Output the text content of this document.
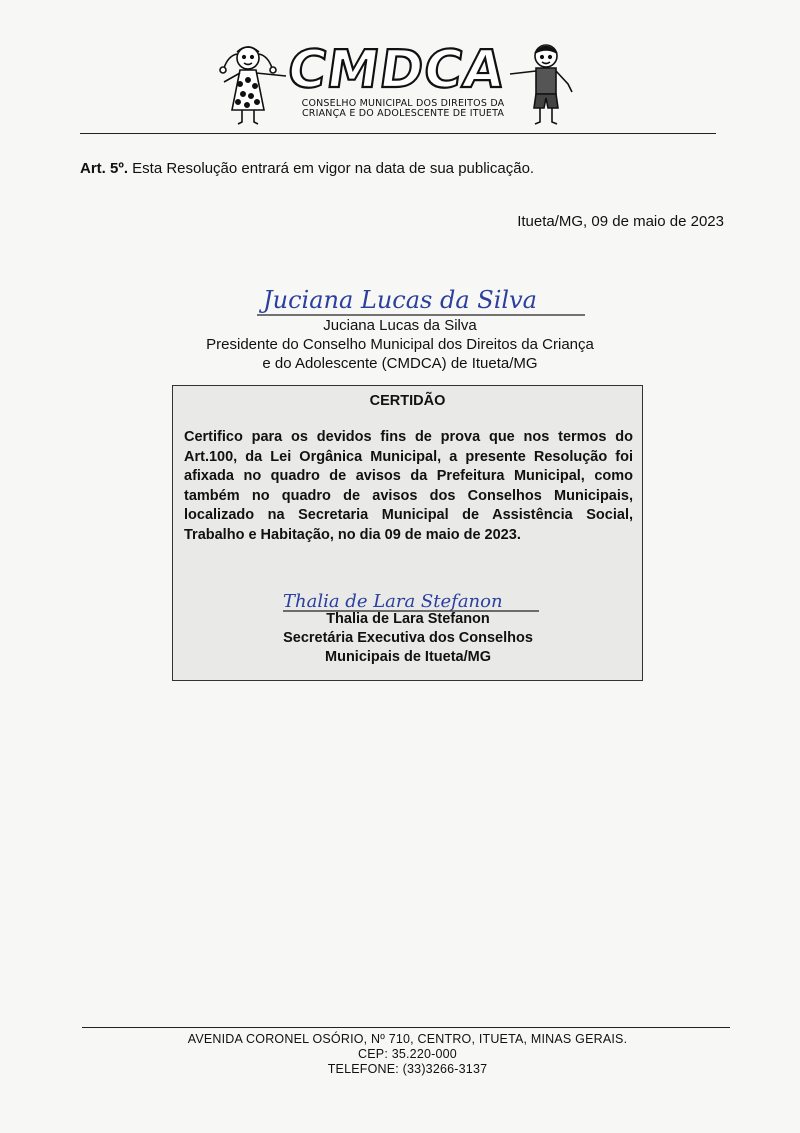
CMDCA
CONSELHO MUNICIPAL DOS DIREITOS DA
CRIANÇA E DO ADOLESCENTE DE ITUETA
Art. 5º. Esta Resolução entrará em vigor na data de sua publicação.
Itueta/MG, 09 de maio de 2023
Juciana Lucas da Silva
Juciana Lucas da Silva
Presidente do Conselho Municipal dos Direitos da Criança
e do Adolescente (CMDCA) de Itueta/MG
CERTIDÃO
Certifico para os devidos fins de prova que nos termos do Art.100, da Lei Orgânica Municipal, a presente Resolução foi afixada no quadro de avisos da Prefeitura Municipal, como também no quadro de avisos dos Conselhos Municipais, localizado na Secretaria Municipal de Assistência Social, Trabalho e Habitação, no dia 09 de maio de 2023.
Thalia de Lara Stefanon
Thalia de Lara Stefanon
Secretária Executiva dos Conselhos
Municipais de Itueta/MG
AVENIDA CORONEL OSÓRIO, Nº 710, CENTRO, ITUETA, MINAS GERAIS.
CEP: 35.220-000
TELEFONE: (33)3266-3137
